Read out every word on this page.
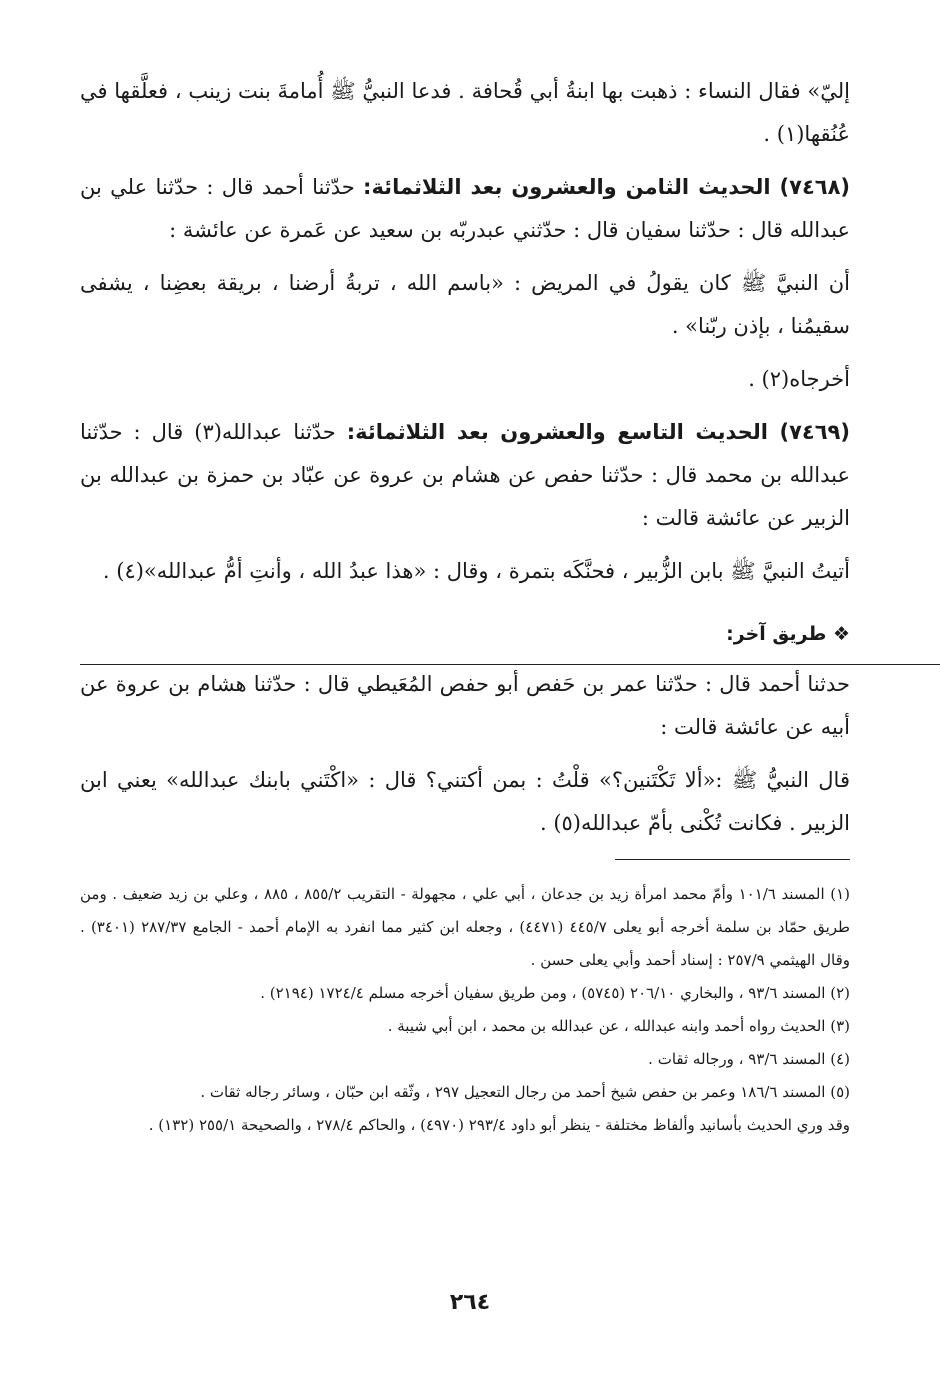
إليّ» فقال النساء : ذهبت بها ابنةُ أبي قُحافة . فدعا النبيُّ ﷺ أُمامةَ بنت زينب ، فعلَّقها في عُنُقها(١) .

(٧٤٦٨) الحديث الثامن والعشرون بعد الثلاثمائة: حدّثنا أحمد قال : حدّثنا علي بن عبدالله قال : حدّثنا سفيان قال : حدّثني عبدربّه بن سعيد عن عَمرة عن عائشة :

أن النبيَّ ﷺ كان يقولُ في المريض : «باسم الله ، تربةُ أرضنا ، بريقة بعضِنا ، يشفى سقيمُنا ، بإذن ربّنا» .

أخرجاه(٢) .

(٧٤٦٩) الحديث التاسع والعشرون بعد الثلاثمائة: حدّثنا عبدالله(٣) قال : حدّثنا عبدالله بن محمد قال : حدّثنا حفص عن هشام بن عروة عن عبّاد بن حمزة بن عبدالله بن الزبير عن عائشة قالت :

أتيتُ النبيَّ ﷺ بابن الزُّبير ، فحنَّكَه بتمرة ، وقال : «هذا عبدُ الله ، وأنتِ أمُّ عبدالله»(٤) .

❖ طريق آخر:

حدثنا أحمد قال : حدّثنا عمر بن حَفص أبو حفص المُعَيطي قال : حدّثنا هشام بن عروة عن أبيه عن عائشة قالت :

قال النبيُّ ﷺ :«ألا تَكْتَنين؟» قلْتُ : بمن أكتني؟ قال : «اكْتَني بابنك عبدالله» يعني ابن الزبير . فكانت تُكْنى بأمّ عبدالله(٥) .

(١) المسند ١٠١/٦ وأمّ محمد امرأة زيد بن جدعان ، أبي علي ، مجهولة - التقريب ٨٥٥/٢ ، ٨٨٥ ، وعلي بن زيد ضعيف . ومن طريق حمّاد بن سلمة أخرجه أبو يعلى ٤٤٥/٧ (٤٤٧١) ، وجعله ابن كثير مما انفرد به الإمام أحمد - الجامع ٢٨٧/٣٧ (٣٤٠١) . وقال الهيثمي ٢٥٧/٩ : إسناد أحمد وأبي يعلى حسن .

(٢) المسند ٩٣/٦ ، والبخاري ٢٠٦/١٠ (٥٧٤٥) ، ومن طريق سفيان أخرجه مسلم ١٧٢٤/٤ (٢١٩٤) .

(٣) الحديث رواه أحمد وابنه عبدالله ، عن عبدالله بن محمد ، ابن أبي شيبة .

(٤) المسند ٩٣/٦ ، ورجاله ثقات .

(٥) المسند ١٨٦/٦ وعمر بن حفص شيخ أحمد من رجال التعجيل ٢٩٧ ، وثّقه ابن حبّان ، وسائر رجاله ثقات .

وقد وري الحديث بأسانيد وألفاظ مختلفة - ينظر أبو داود ٢٩٣/٤ (٤٩٧٠) ، والحاكم ٢٧٨/٤ ، والصحيحة ٢٥٥/١ (١٣٢) .

٢٦٤
